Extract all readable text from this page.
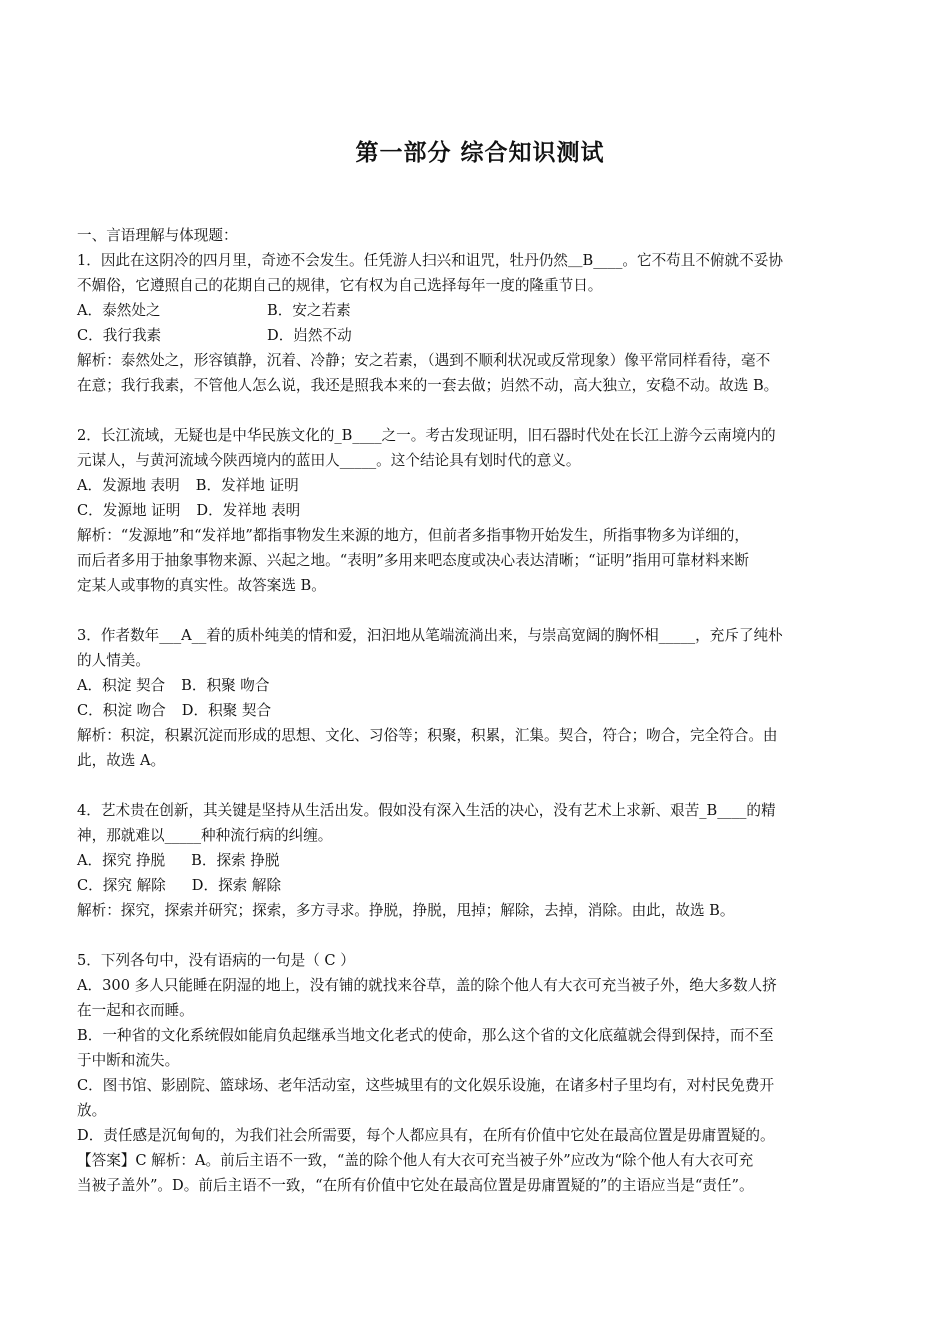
第一部分 综合知识测试
一、言语理解与体现题：
1．因此在这阴冷的四月里，奇迹不会发生。任凭游人扫兴和诅咒，牡丹仍然＿B____。它不苟且不俯就不妥协
不媚俗，它遵照自己的花期自己的规律，它有权为自己选择每年一度的隆重节日。
A．泰然处之	B．安之若素
C．我行我素	D．岿然不动
解析：泰然处之，形容镇静，沉着、冷静；安之若素，（遇到不顺利状况或反常现象）像平常同样看待，毫不
在意；我行我素，不管他人怎么说，我还是照我本来的一套去做；岿然不动，高大独立，安稳不动。故选 B。
2．长江流域，无疑也是中华民族文化的_B____之一。考古发现证明，旧石器时代处在长江上游今云南境内的
元谋人，与黄河流域今陕西境内的蓝田人_____。这个结论具有划时代的意义。
A．发源地 表明 B．发祥地 证明
C．发源地 证明 D．发祥地 表明
解析：“发源地”和“发祥地”都指事物发生来源的地方，但前者多指事物开始发生，所指事物多为详细的，
而后者多用于抽象事物来源、兴起之地。“表明”多用来吧态度或决心表达清晰；“证明”指用可靠材料来断
定某人或事物的真实性。故答案选 B。
3．作者数年___A__着的质朴纯美的情和爱，汩汩地从笔端流淌出来，与崇高宽阔的胸怀相_____，充斥了纯朴
的人情美。
A．积淀 契合 B．积聚 吻合
C．积淀 吻合 D．积聚 契合
解析：积淀，积累沉淀而形成的思想、文化、习俗等；积聚，积累，汇集。契合，符合；吻合，完全符合。由
此，故选 A。
4．艺术贵在创新，其关键是坚持从生活出发。假如没有深入生活的决心，没有艺术上求新、艰苦_B____的精
神，那就难以_____种种流行病的纠缠。
A．探究 挣脱 B．探索 挣脱
C．探究 解除 D．探索 解除
解析：探究，探索并研究；探索，多方寻求。挣脱，挣脱，甩掉；解除，去掉，消除。由此，故选 B。
5．下列各句中，没有语病的一句是（ C ）
A．300 多人只能睡在阴湿的地上，没有铺的就找来谷草，盖的除个他人有大衣可充当被子外，绝大多数人挤
在一起和衣而睡。
B．一种省的文化系统假如能肩负起继承当地文化老式的使命，那么这个省的文化底蕴就会得到保持，而不至
于中断和流失。
C．图书馆、影剧院、篮球场、老年活动室，这些城里有的文化娱乐设施，在诸多村子里均有，对村民免费开
放。
D．责任感是沉甸甸的，为我们社会所需要，每个人都应具有，在所有价值中它处在最高位置是毋庸置疑的。
【答案】C 解析：A。前后主语不一致，“盖的除个他人有大衣可充当被子外”应改为“除个他人有大衣可充
当被子盖外”。D。前后主语不一致，“在所有价值中它处在最高位置是毋庸置疑的”的主语应当是“责任”。
